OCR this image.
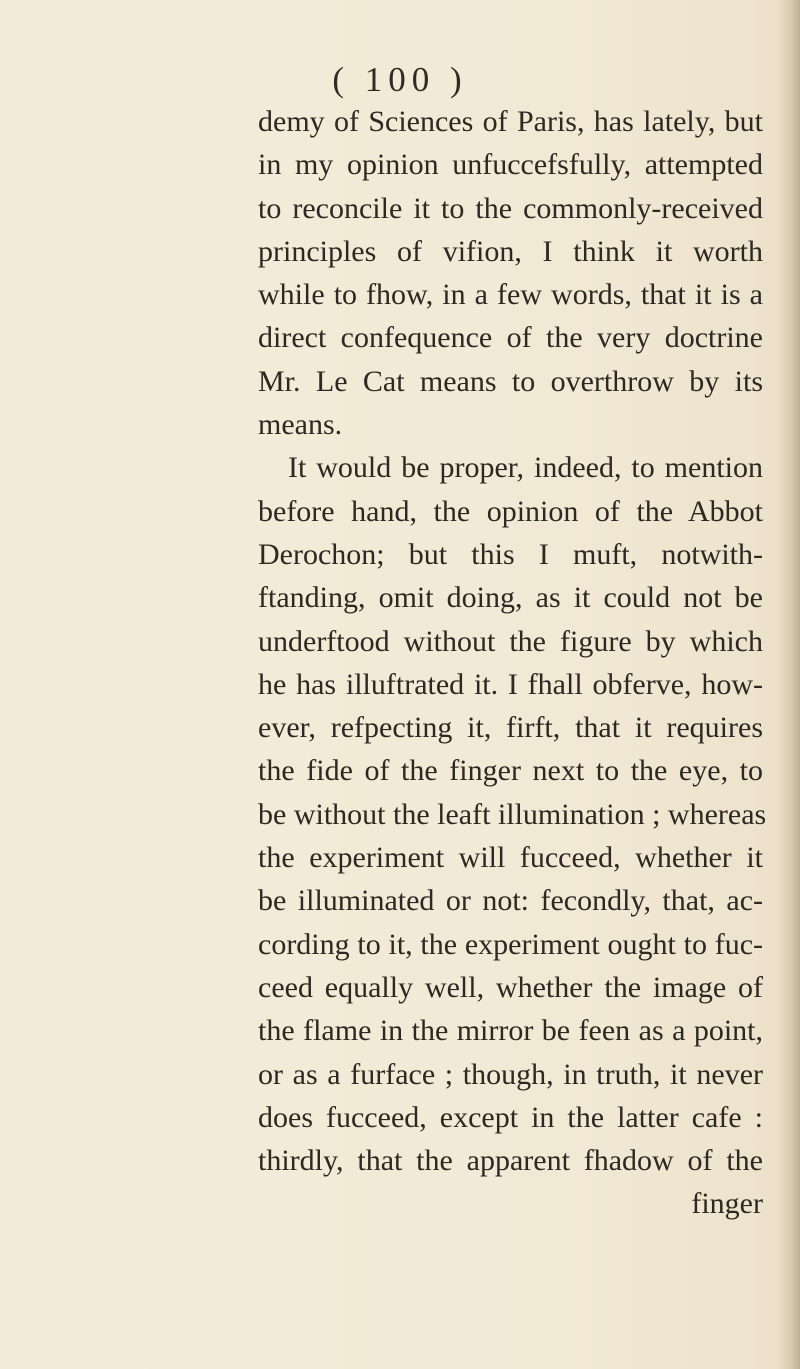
( 100 )
demy of Sciences of Paris, has lately, but
in my opinion unfuccefsfully, attempted
to reconcile it to the commonly-received
principles of vifion, I think it worth
while to fhow, in a few words, that it is a
direct confequence of the very doctrine
Mr. Le Cat means to overthrow by its
means.
It would be proper, indeed, to mention
before hand, the opinion of the Abbot
Derochon; but this I muft, notwith-
ftanding, omit doing, as it could not be
underftood without the figure by which
he has illuftrated it. I fhall obferve, how-
ever, refpecting it, firft, that it requires
the fide of the finger next to the eye, to
be without the leaft illumination ; whereas
the experiment will fucceed, whether it
be illuminated or not: fecondly, that, ac-
cording to it, the experiment ought to fuc-
ceed equally well, whether the image of
the flame in the mirror be feen as a point,
or as a furface ; though, in truth, it never
does fucceed, except in the latter cafe :
thirdly, that the apparent fhadow of the
finger
